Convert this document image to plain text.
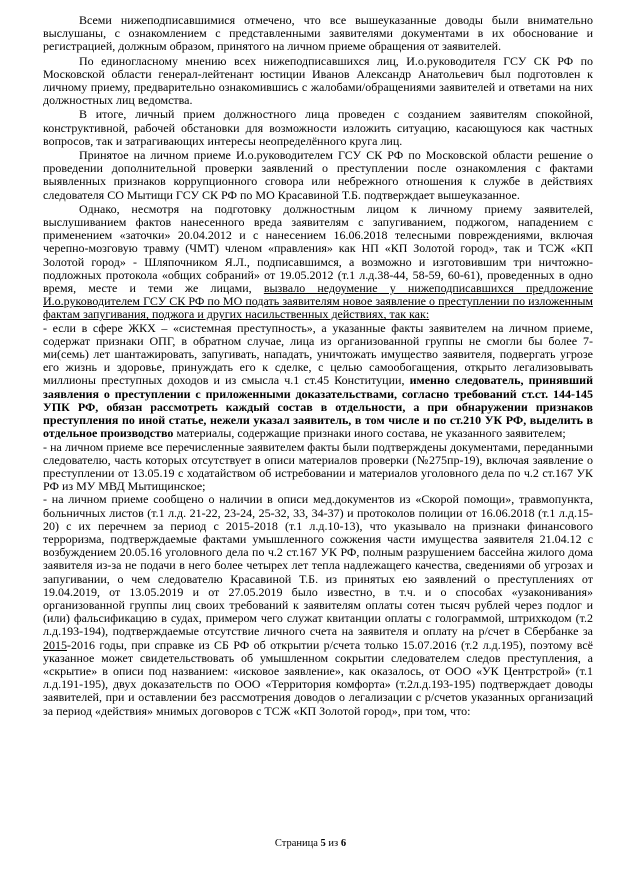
Всеми нижеподписавшимися отмечено, что все вышеуказанные доводы были внимательно выслушаны, с ознакомлением с представленными заявителями документами в их обоснование и регистрацией, должным образом, принятого на личном приеме обращения от заявителей.

По единогласному мнению всех нижеподписавшихся лиц, И.о.руководителя ГСУ СК РФ по Московской области генерал-лейтенант юстиции Иванов Александр Анатольевич был подготовлен к личному приему, предварительно ознакомившись с жалобами/обращениями заявителей и ответами на них должностных лиц ведомства.

В итоге, личный прием должностного лица проведен с созданием заявителям спокойной, конструктивной, рабочей обстановки для возможности изложить ситуацию, касающуюся как частных вопросов, так и затрагивающих интересы неопределённого круга лиц.

Принятое на личном приеме И.о.руководителем ГСУ СК РФ по Московской области решение о проведении дополнительной проверки заявлений о преступлении после ознакомления с фактами выявленных признаков коррупционного сговора или небрежного отношения к службе в действиях следователя СО Мытищи ГСУ СК РФ по МО Красавиной Т.Б. подтверждает вышеуказанное.

Однако, несмотря на подготовку должностным лицом к личному приему заявителей, выслушиванием фактов нанесенного вреда заявителям с запугиванием, поджогом, нападением с применением «заточки» 20.04.2012 и с нанесением 16.06.2018 телесными повреждениями, включая черепно-мозговую травму (ЧМТ) членом «правления» как НП «КП Золотой город», так и ТСЖ «КП Золотой город» - Шляпочником Я.Л., подписавшимся, а возможно и изготовившим три ничтожно-подложных протокола «общих собраний» от 19.05.2012 (т.1 л.д.38-44, 58-59, 60-61), проведенных в одно время, месте и теми же лицами, вызвало недоумение у нижеподписавшихся предложение И.о.руководителем ГСУ СК РФ по МО подать заявителям новое заявление о преступлении по изложенным фактам запугивания, поджога и других насильственных действиях, так как:

- если в сфере ЖКХ – «системная преступность», а указанные факты заявителем на личном приеме, содержат признаки ОПГ, в обратном случае, лица из организованной группы не смогли бы более 7-ми(семь) лет шантажировать, запугивать, нападать, уничтожать имущество заявителя, подвергать угрозе его жизнь и здоровье, принуждать его к сделке, с целью самообогащения, открыто легализовывать миллионы преступных доходов и из смысла ч.1 ст.45 Конституции, именно следователь, принявший заявления о преступлении с приложенными доказательствами, согласно требований ст.ст. 144-145 УПК РФ, обязан рассмотреть каждый состав в отдельности, а при обнаружении признаков преступления по иной статье, нежели указал заявитель, в том числе и по ст.210 УК РФ, выделить в отдельное производство материалы, содержащие признаки иного состава, не указанного заявителем;

- на личном приеме все перечисленные заявителем факты были подтверждены документами, переданными следователю, часть которых отсутствует в описи материалов проверки (№275пр-19), включая заявление о преступлении от 13.05.19 с ходатайством об истребовании и материалов уголовного дела по ч.2 ст.167 УК РФ из МУ МВД Мытищинское;

- на личном приеме сообщено о наличии в описи мед.документов из «Скорой помощи», травмопункта, больничных листов (т.1 л.д. 21-22, 23-24, 25-32, 33, 34-37) и протоколов полиции от 16.06.2018 (т.1 л.д.15-20) с их перечнем за период с 2015-2018 (т.1 л.д.10-13), что указывало на признаки финансового терроризма, подтверждаемые фактами умышленного сожжения части имущества заявителя 21.04.12 с возбуждением 20.05.16 уголовного дела по ч.2 ст.167 УК РФ, полным разрушением бассейна жилого дома заявителя из-за не подачи в него более четырех лет тепла надлежащего качества, сведениями об угрозах и запугивании, о чем следователю Красавиной Т.Б. из принятых ею заявлений о преступлениях от 19.04.2019, от 13.05.2019 и от 27.05.2019 было известно, в т.ч. и о способах «узаконивания» организованной группы лиц своих требований к заявителям оплаты сотен тысяч рублей через подлог и (или) фальсификацию в судах, примером чего служат квитанции оплаты с голограммой, штрихкодом (т.2 л.д.193-194), подтверждаемые отсутствие личного счета на заявителя и оплату на р/счет в Сбербанке за 2015-2016 годы, при справке из СБ РФ об открытии р/счета только 15.07.2016 (т.2 л.д.195), поэтому всё указанное может свидетельствовать об умышленном сокрытии следователем следов преступления, а «скрытие» в описи под названием: «исковое заявление», как оказалось, от ООО «УК Центрстрой» (т.1 л.д.191-195), двух доказательств по ООО «Территория комфорта» (т.2л.д.193-195) подтверждает доводы заявителей, при и оставлении без рассмотрения доводов о легализации с р/счетов указанных организаций за период «действия» мнимых договоров с ТСЖ «КП Золотой город», при том, что:

Страница 5 из 6
